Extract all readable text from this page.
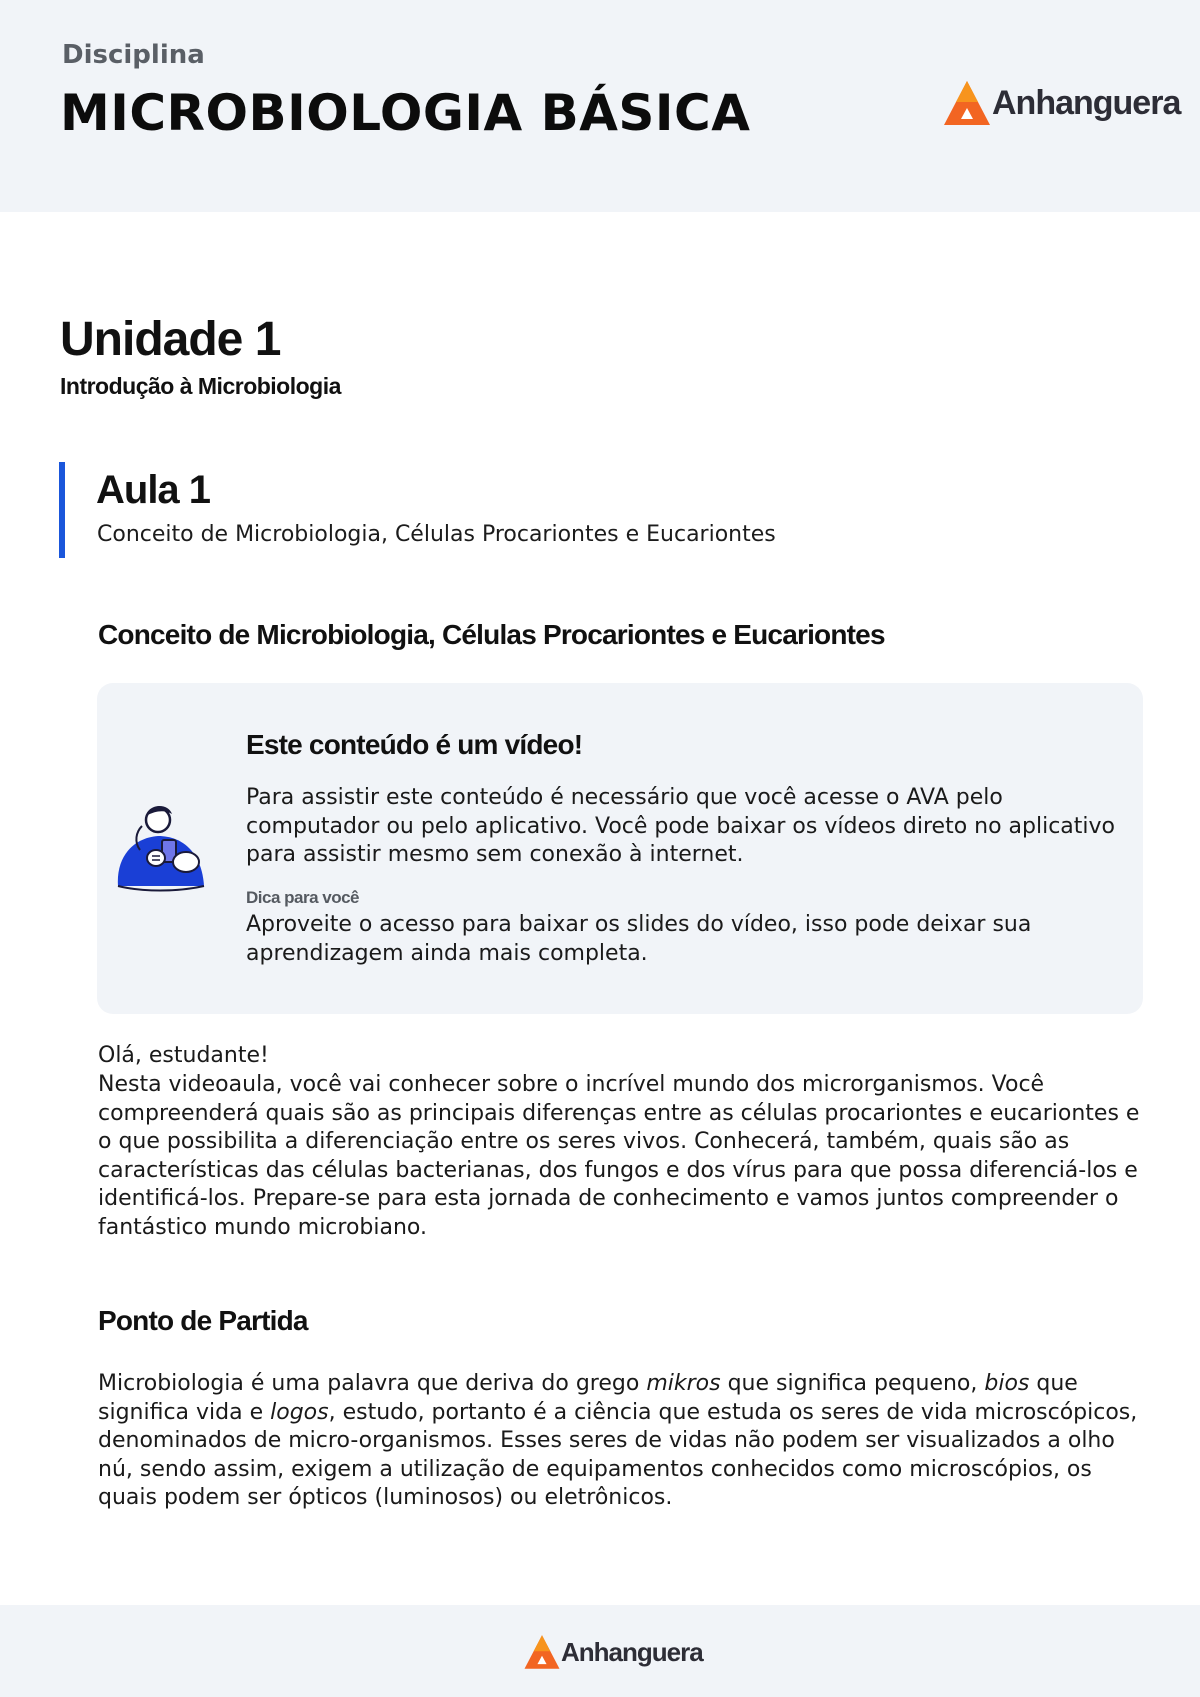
Disciplina
MICROBIOLOGIA BÁSICA	Anhanguera
Unidade 1
Introdução à Microbiologia
Aula 1
Conceito de Microbiologia, Células Procariontes e Eucariontes
Conceito de Microbiologia, Células Procariontes e Eucariontes
Este conteúdo é um vídeo!

Para assistir este conteúdo é necessário que você acesse o AVA pelo computador ou pelo aplicativo. Você pode baixar os vídeos direto no aplicativo para assistir mesmo sem conexão à internet.

Dica para você

Aproveite o acesso para baixar os slides do vídeo, isso pode deixar sua aprendizagem ainda mais completa.

Olá, estudante!

Nesta videoaula, você vai conhecer sobre o incrível mundo dos microrganismos. Você compreenderá quais são as principais diferenças entre as células procariontes e eucariontes e o que possibilita a diferenciação entre os seres vivos. Conhecerá, também, quais são as características das células bacterianas, dos fungos e dos vírus para que possa diferenciá-los e identificá-los. Prepare-se para esta jornada de conhecimento e vamos juntos compreender o fantástico mundo microbiano.

Ponto de Partida

Microbiologia é uma palavra que deriva do grego mikros que significa pequeno, bios que significa vida e logos, estudo, portanto é a ciência que estuda os seres de vida microscópicos, denominados de micro-organismos. Esses seres de vidas não podem ser visualizados a olho nú, sendo assim, exigem a utilização de equipamentos conhecidos como microscópios, os quais podem ser ópticos (luminosos) ou eletrônicos.

Anhanguera
